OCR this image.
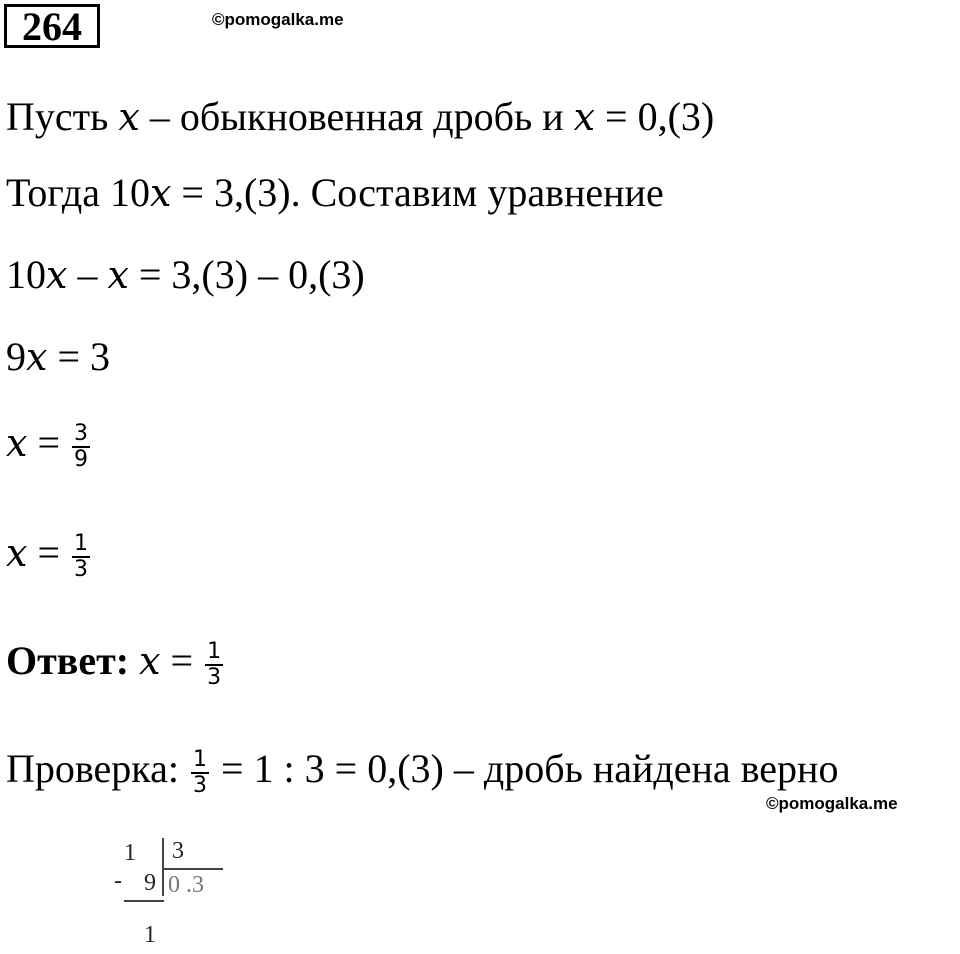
264	©pomogalka.me
Пусть x – обыкновенная дробь и x = 0,(3)
Тогда 10x = 3,(3). Составим уравнение
10x – x = 3,(3) – 0,(3)
9x = 3
$x = \frac{3}{9}$
$x = \frac{1}{3}$
Ответ: $x = \frac{1}{3}$
Проверка: $\frac{1}{3} = 1$ : 3 = 0,(3) – дробь найдена верно
©pomogalka.me
-
1 3
9 0 .3
1
